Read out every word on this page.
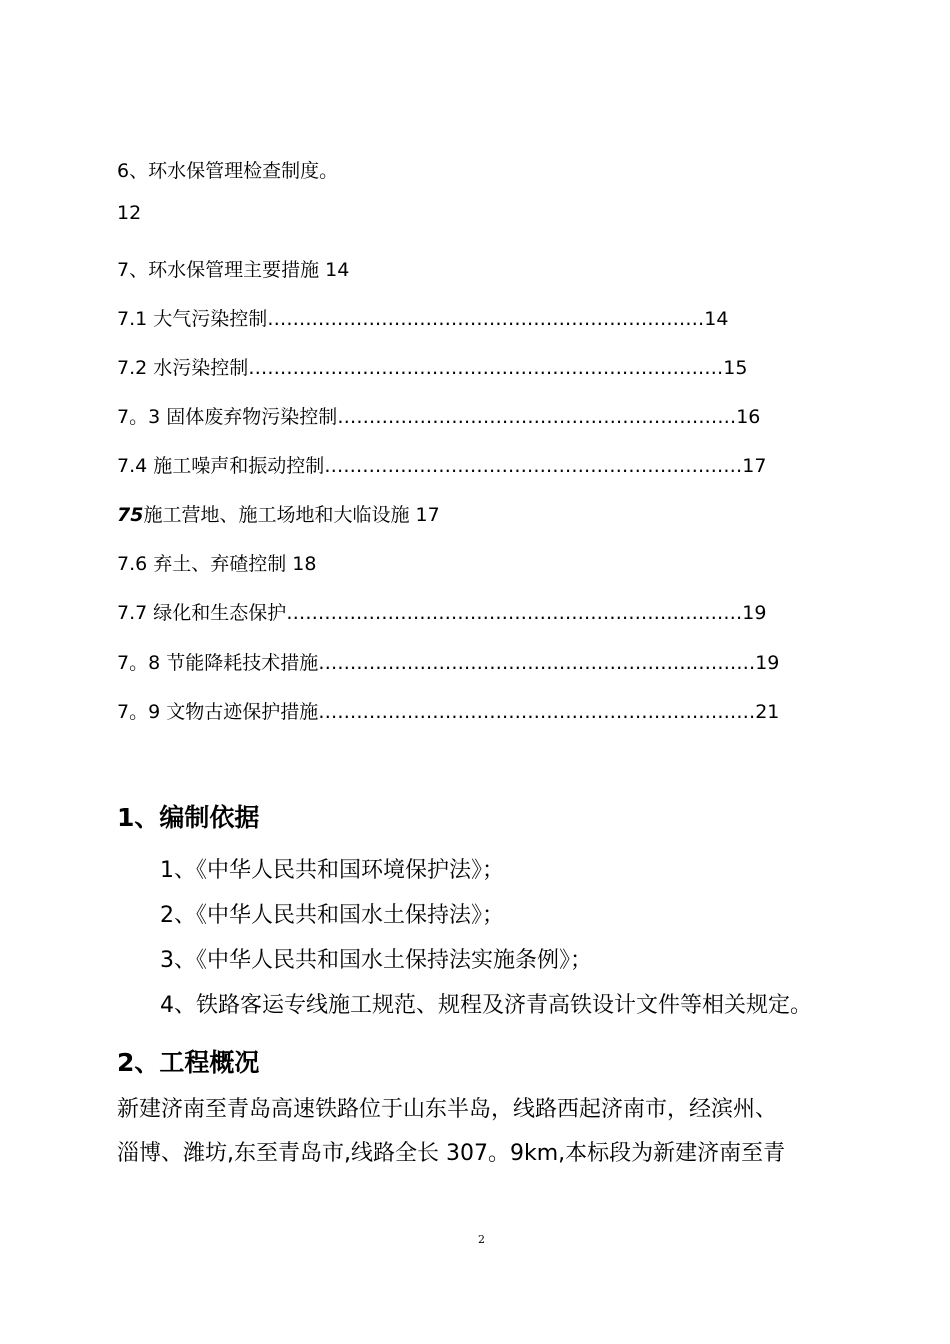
6、环水保管理检查制度。
12
7、环水保管理主要措施 14
7.1 大气污染控制……………………………………………………………14
7.2 水污染控制…………………………………………………………………15
7。3 固体废弃物污染控制………………………………………………………16
7.4 施工噪声和振动控制…………………………………………………………17
75施工营地、施工场地和大临设施 17
7.6 弃土、弃碴控制 18
7.7 绿化和生态保护………………………………………………………………19
7。8 节能降耗技术措施……………………………………………………………19
7。9 文物古迹保护措施……………………………………………………………21
1、编制依据
1、《中华人民共和国环境保护法》；
2、《中华人民共和国水土保持法》；
3、《中华人民共和国水土保持法实施条例》；
4、铁路客运专线施工规范、规程及济青高铁设计文件等相关规定。
2、工程概况
新建济南至青岛高速铁路位于山东半岛，线路西起济南市，经滨州、
淄博、潍坊,东至青岛市,线路全长 307。9km,本标段为新建济南至青
2
